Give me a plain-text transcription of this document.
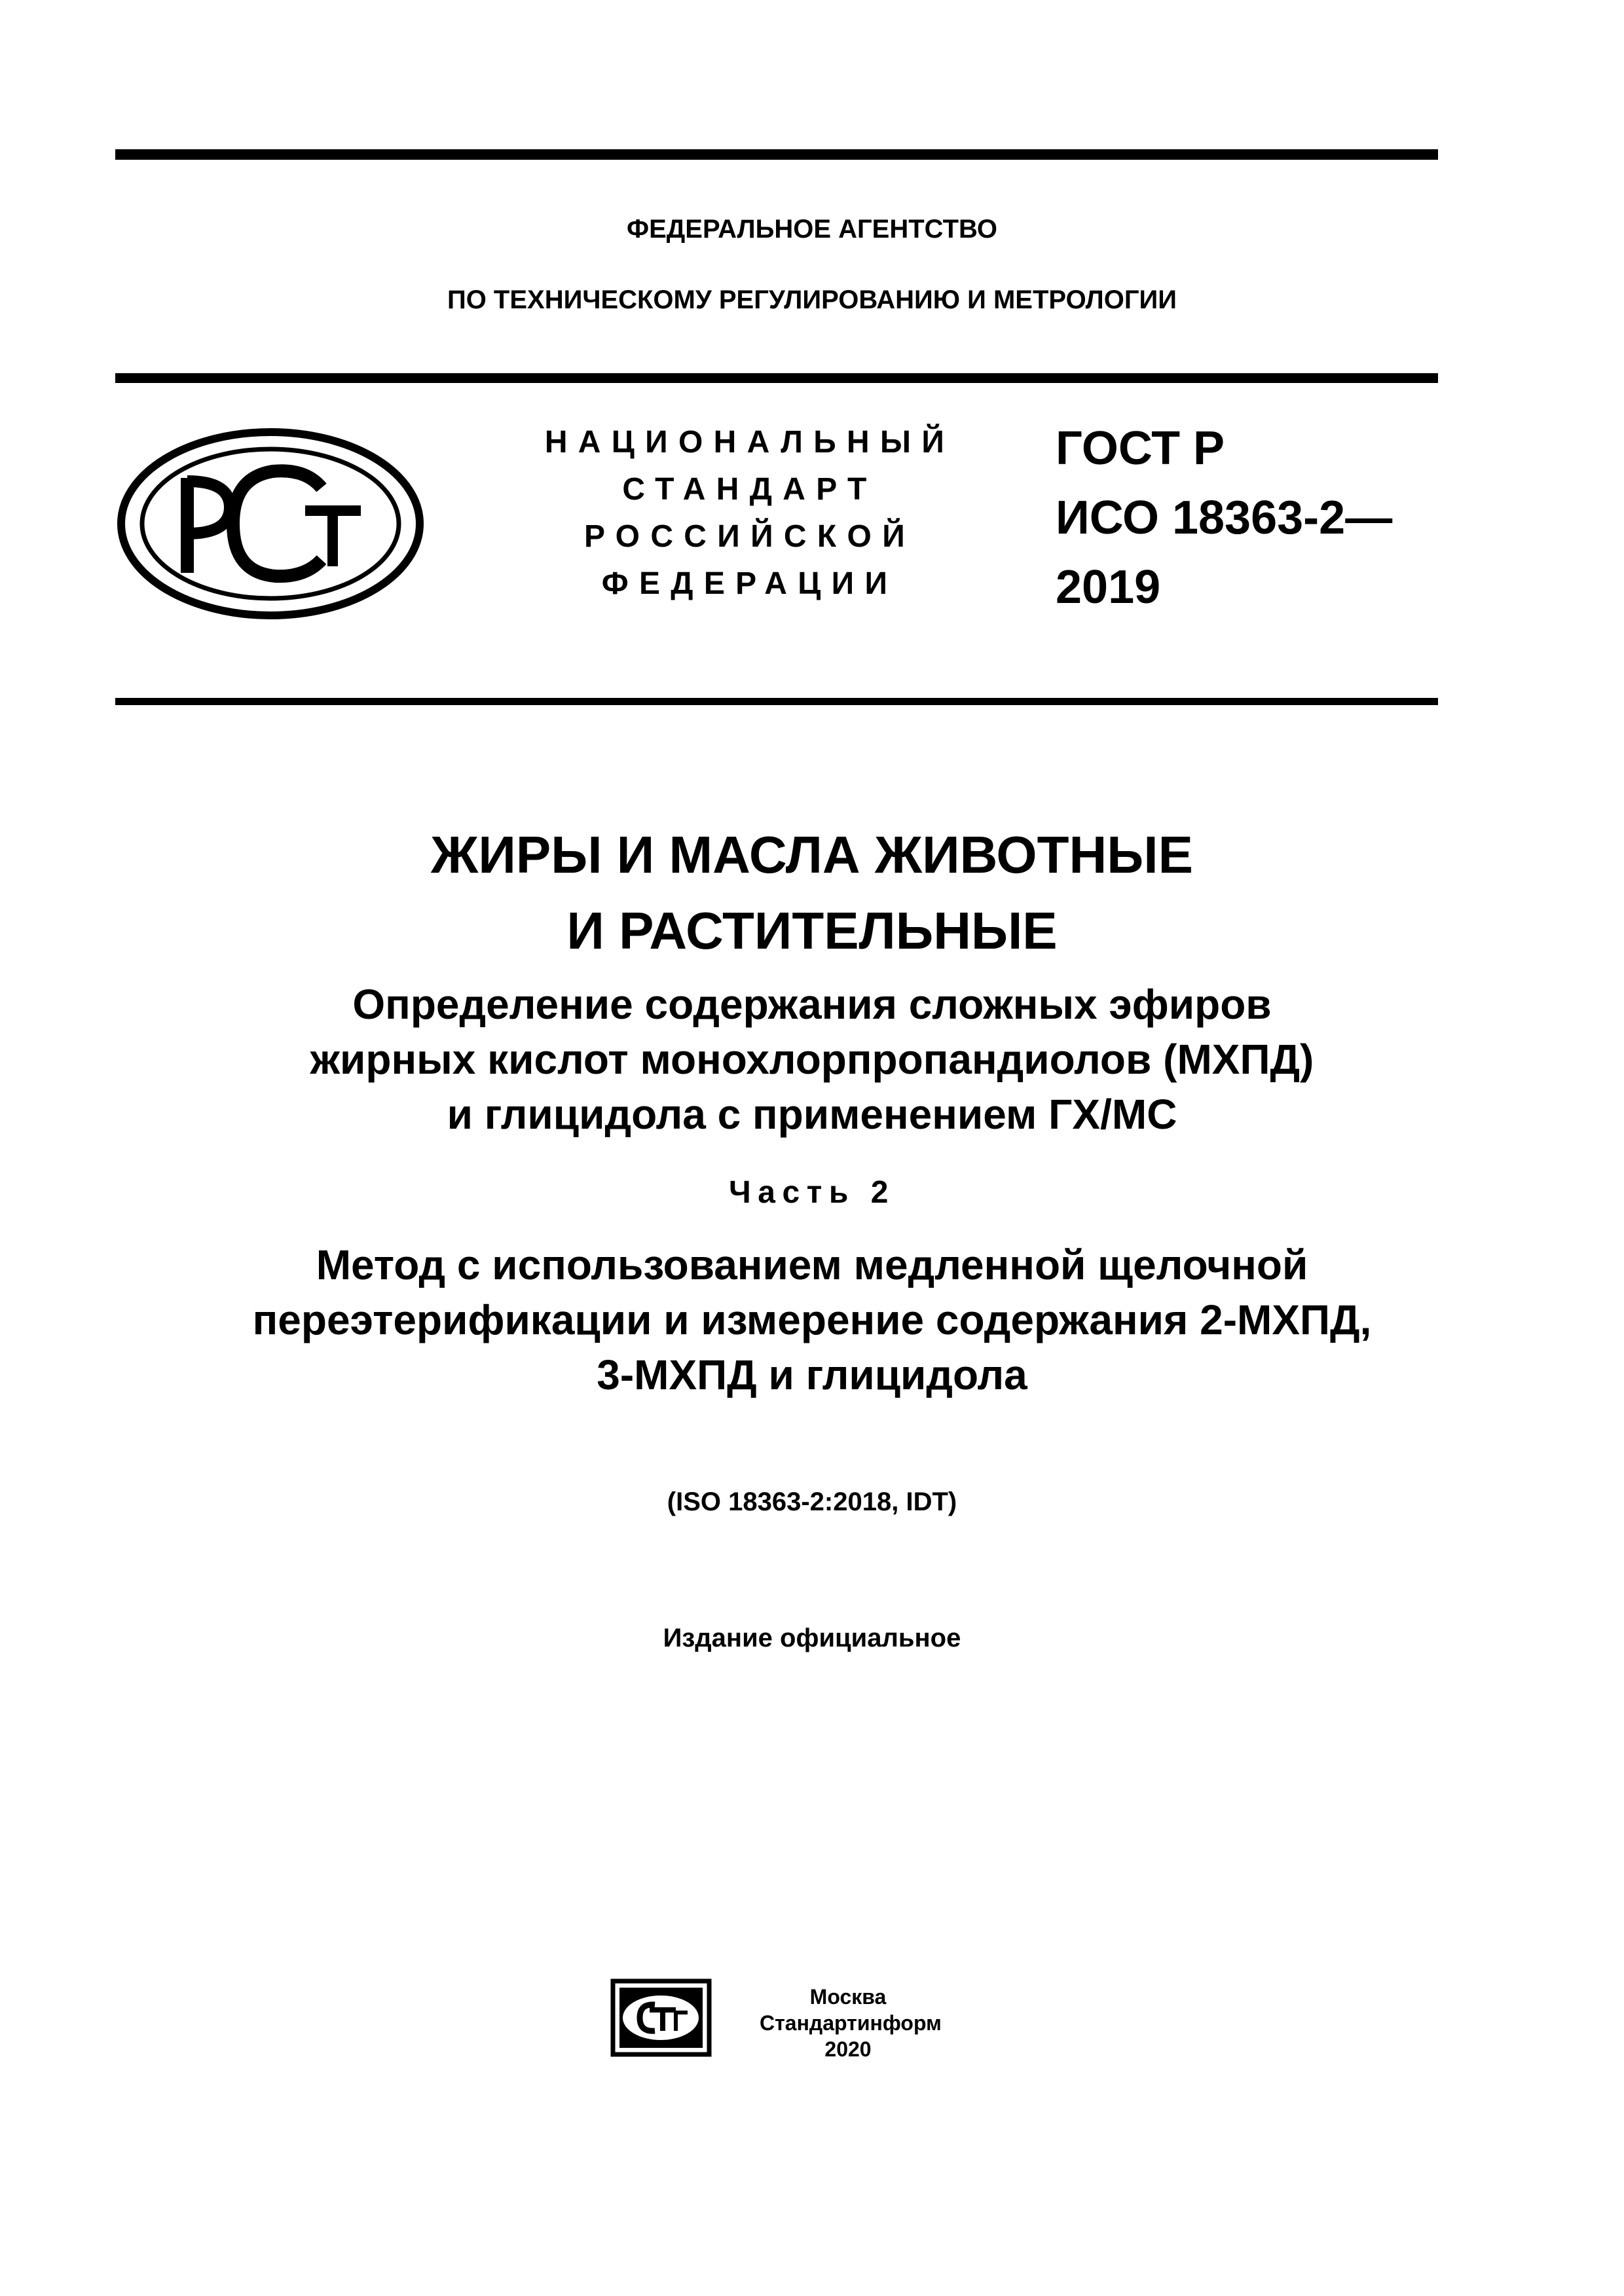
ФЕДЕРАЛЬНОЕ АГЕНТСТВО
ПО ТЕХНИЧЕСКОМУ РЕГУЛИРОВАНИЮ И МЕТРОЛОГИИ
НАЦИОНАЛЬНЫЙ
СТАНДАРТ
РОССИЙСКОЙ
ФЕДЕРАЦИИ
ГОСТ Р
ИСО 18363-2—
2019
ЖИРЫ И МАСЛА ЖИВОТНЫЕ
И РАСТИТЕЛЬНЫЕ
Определение содержания сложных эфиров
жирных кислот монохлорпропандиолов (МХПД)
и глицидола с применением ГХ/МС
Часть 2
Метод с использованием медленной щелочной
переэтерификации и измерение содержания 2-МХПД,
3-МХПД и глицидола
(ISO 18363-2:2018, IDT)
Издание официальное
Москва
Стандартинформ
2020
